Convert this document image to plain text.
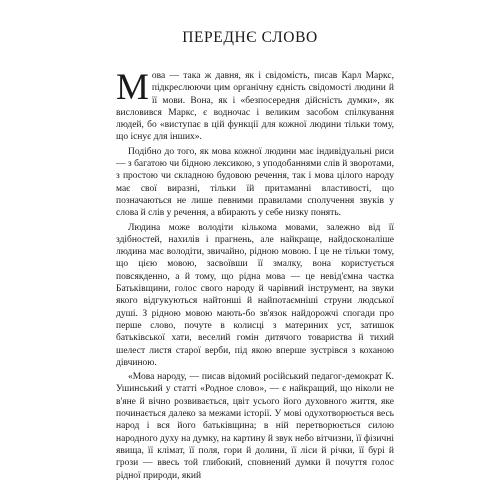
ПЕРЕДНЄ СЛОВО

Мова — така ж давня, як і свідомість, писав Карл Маркс, підкреслюючи цим органічну єдність свідомості людини й її мови. Вона, як і «безпосередня дійсність думки», як висловився Маркс, є водночас і великим засобом спілкування людей, бо «виступає в цій функції для кожної людини тільки тому, що існує для інших».

Подібно до того, як мова кожної людини має індивідуальні риси — з багатою чи бідною лексикою, з уподобаннями слів й зворотами, з простою чи складною будовою речення, так і мова цілого народу має свої виразні, тільки їй притаманні властивості, що позначаються не лише певними правилами сполучення звуків у слова й слів у речення, а вбирають у себе низку понять.

Людина може володіти кількома мовами, залежно від її здібностей, нахилів і прагнень, але найкраще, найдосконаліше людина має володіти, звичайно, рідною мовою. І це не тільки тому, що цією мовою, засвоївши її змалку, вона користується повсякденно, а й тому, що рідна мова — це невід'ємна частка Батьківщини, голос свого народу й чарівний інструмент, на звуки якого відгукуються найтонші й найпотаємніші струни людської душі. З рідною мовою мають-бо зв'язок найдорожчі спогади про перше слово, почуте в колисці з материних уст, затишок батьківської хати, веселий гомін дитячого товариства й тихий шелест листя старої верби, під якою вперше зустрівся з коханою дівчиною.

«Мова народу, — писав відомий російський педагог-демократ К. Ушинський у статті «Родное слово», — є найкращий, що ніколи не в'яне й вічно розвивається, цвіт усього його духовного життя, яке починається далеко за межами історії. У мові одухотворюється весь народ і вся його батьківщина; в ній перетворюється силою народного духу на думку, на картину й звук небо вітчизни, її фізичні явища, її клімат, її поля, гори й долини, її ліси й річки, її бурі й грози — ввесь той глибокий, сповнений думки й почуття голос рідної природи, який
